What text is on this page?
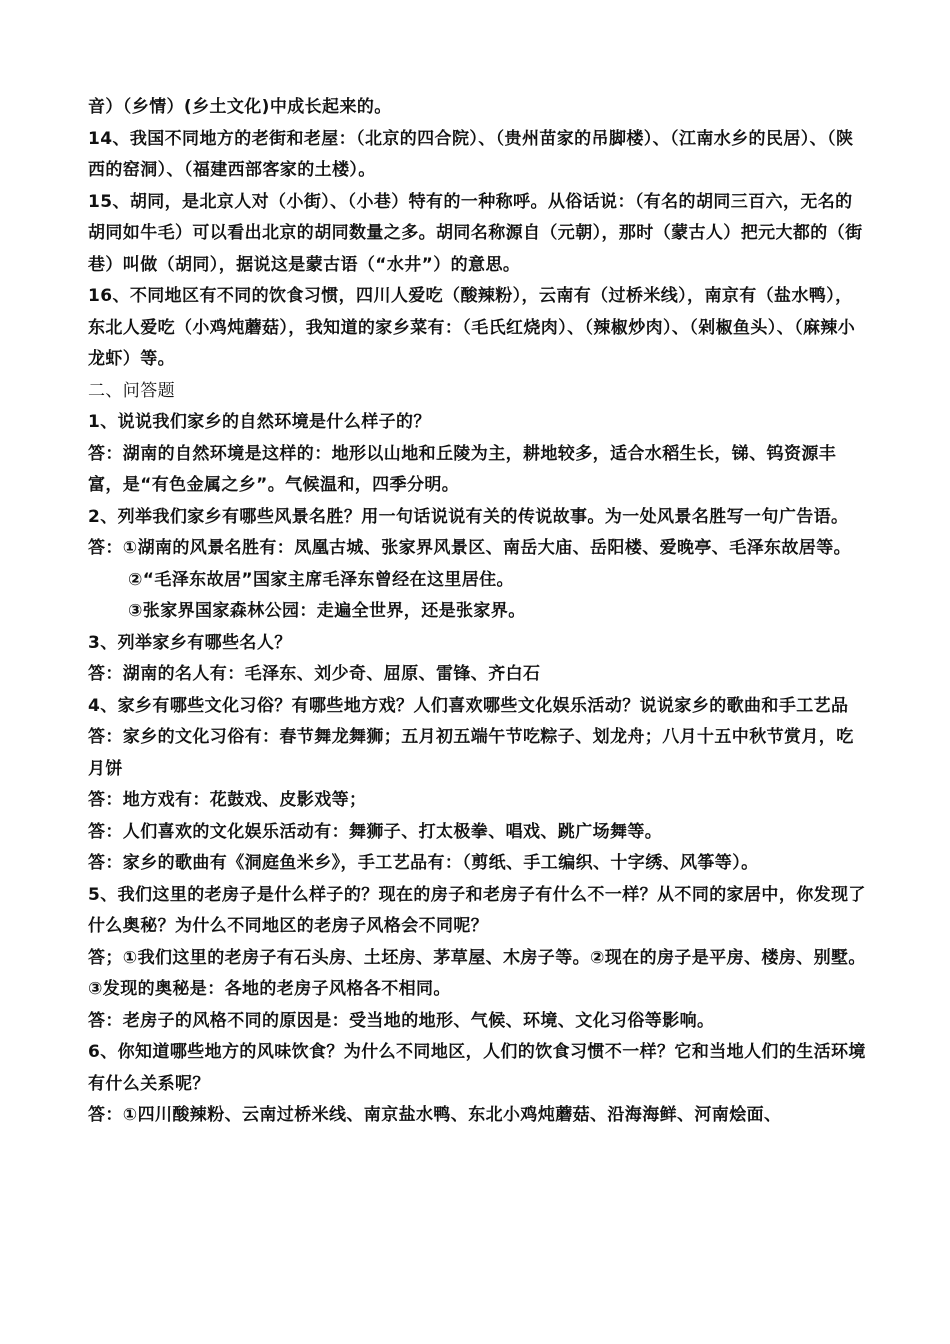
音）（乡情）(乡土文化)中成长起来的。

14、我国不同地方的老街和老屋：（北京的四合院）、（贵州苗家的吊脚楼）、（江南水乡的民居）、（陕西的窑洞）、（福建西部客家的土楼）。

15、胡同，是北京人对（小街）、（小巷）特有的一种称呼。从俗话说：（有名的胡同三百六，无名的胡同如牛毛）可以看出北京的胡同数量之多。胡同名称源自（元朝），那时（蒙古人）把元大都的（街巷）叫做（胡同），据说这是蒙古语（“水井”）的意思。

16、不同地区有不同的饮食习惯，四川人爱吃（酸辣粉），云南有（过桥米线），南京有（盐水鸭），东北人爱吃（小鸡炖蘑菇），我知道的家乡菜有：（毛氏红烧肉）、（辣椒炒肉）、（剁椒鱼头）、（麻辣小龙虾）等。

二、问答题

1、说说我们家乡的自然环境是什么样子的？

答：湖南的自然环境是这样的：地形以山地和丘陵为主，耕地较多，适合水稻生长，锑、钨资源丰富，是“有色金属之乡”。气候温和，四季分明。

2、列举我们家乡有哪些风景名胜？用一句话说说有关的传说故事。为一处风景名胜写一句广告语。

答：①湖南的风景名胜有：凤凰古城、张家界风景区、南岳大庙、岳阳楼、爱晚亭、毛泽东故居等。

②“毛泽东故居”国家主席毛泽东曾经在这里居住。

③张家界国家森林公园：走遍全世界，还是张家界。

3、列举家乡有哪些名人？

答：湖南的名人有：毛泽东、刘少奇、屈原、雷锋、齐白石

4、家乡有哪些文化习俗？有哪些地方戏？人们喜欢哪些文化娱乐活动？说说家乡的歌曲和手工艺品

答：家乡的文化习俗有：春节舞龙舞狮；五月初五端午节吃粽子、划龙舟；八月十五中秋节赏月，吃月饼

答：地方戏有：花鼓戏、皮影戏等；

答：人们喜欢的文化娱乐活动有：舞狮子、打太极拳、唱戏、跳广场舞等。

答：家乡的歌曲有《洞庭鱼米乡》，手工艺品有：（剪纸、手工编织、十字绣、风筝等）。

5、我们这里的老房子是什么样子的？现在的房子和老房子有什么不一样？从不同的家居中，你发现了什么奥秘？为什么不同地区的老房子风格会不同呢？

答；①我们这里的老房子有石头房、土坯房、茅草屋、木房子等。②现在的房子是平房、楼房、别墅。③发现的奥秘是：各地的老房子风格各不相同。

答：老房子的风格不同的原因是：受当地的地形、气候、环境、文化习俗等影响。

6、你知道哪些地方的风味饮食？为什么不同地区，人们的饮食习惯不一样？它和当地人们的生活环境有什么关系呢？

答：①四川酸辣粉、云南过桥米线、南京盐水鸭、东北小鸡炖蘑菇、沿海海鲜、河南烩面、
